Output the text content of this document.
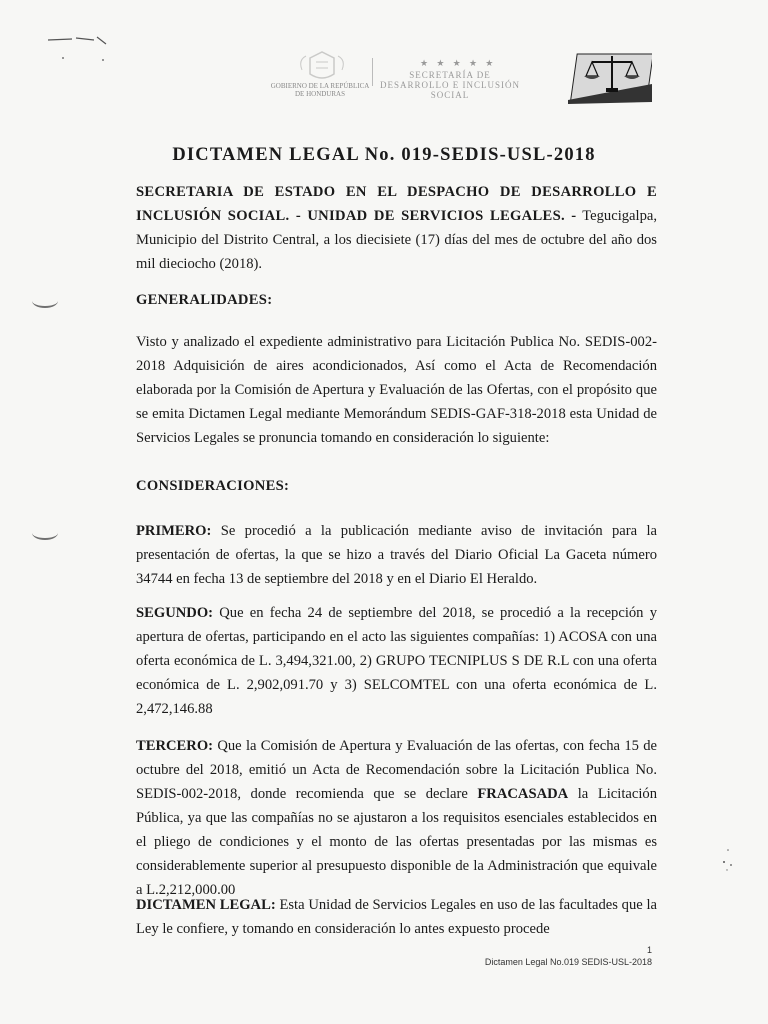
GOBIERNO DE LA REPÚBLICA DE HONDURAS
★ ★ ★ ★ ★
SECRETARÍA DE DESARROLLO E INCLUSIÓN SOCIAL
DICTAMEN LEGAL No. 019-SEDIS-USL-2018

SECRETARIA DE ESTADO EN EL DESPACHO DE DESARROLLO E INCLUSIÓN SOCIAL. - UNIDAD DE SERVICIOS LEGALES. - Tegucigalpa, Municipio del Distrito Central, a los diecisiete (17) días del mes de octubre del año dos mil dieciocho (2018).

GENERALIDADES:

Visto y analizado el expediente administrativo para Licitación Publica No. SEDIS-002-2018 Adquisición de aires acondicionados, Así como el Acta de Recomendación elaborada por la Comisión de Apertura y Evaluación de las Ofertas, con el propósito que se emita Dictamen Legal mediante Memorándum SEDIS-GAF-318-2018 esta Unidad de Servicios Legales se pronuncia tomando en consideración lo siguiente:

CONSIDERACIONES:

PRIMERO: Se procedió a la publicación mediante aviso de invitación para la presentación de ofertas, la que se hizo a través del Diario Oficial La Gaceta número 34744 en fecha 13 de septiembre del 2018 y en el Diario El Heraldo.

SEGUNDO: Que en fecha 24 de septiembre del 2018, se procedió a la recepción y apertura de ofertas, participando en el acto las siguientes compañías: 1) ACOSA con una oferta económica de L. 3,494,321.00, 2) GRUPO TECNIPLUS S DE R.L con una oferta económica de L. 2,902,091.70 y 3) SELCOMTEL con una oferta económica de L. 2,472,146.88

TERCERO: Que la Comisión de Apertura y Evaluación de las ofertas, con fecha 15 de octubre del 2018, emitió un Acta de Recomendación sobre la Licitación Publica No. SEDIS-002-2018, donde recomienda que se declare FRACASADA la Licitación Pública, ya que las compañías no se ajustaron a los requisitos esenciales establecidos en el pliego de condiciones y el monto de las ofertas presentadas por las mismas es considerablemente superior al presupuesto disponible de la Administración que equivale a L.2,212,000.00

DICTAMEN LEGAL: Esta Unidad de Servicios Legales en uso de las facultades que la Ley le confiere, y tomando en consideración lo antes expuesto procede

1
Dictamen Legal No.019 SEDIS-USL-2018
